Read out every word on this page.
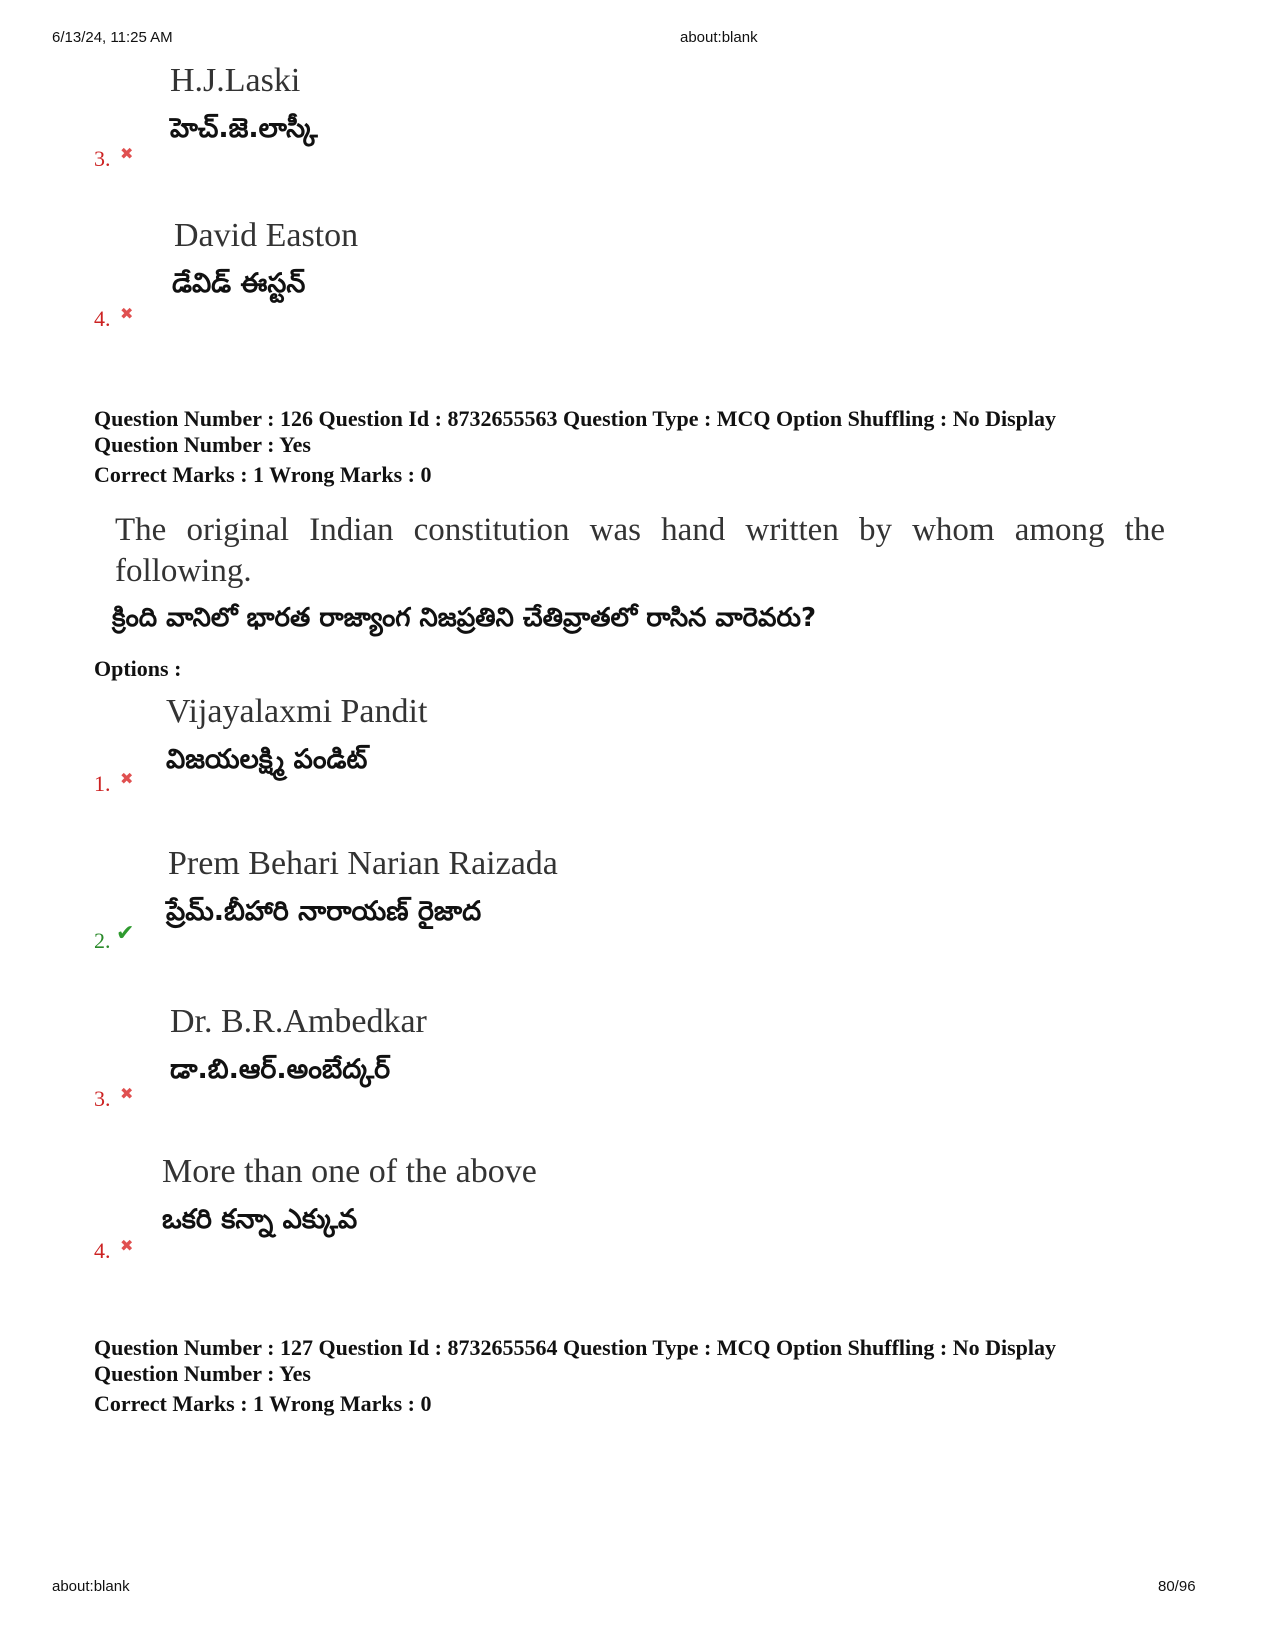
6/13/24, 11:25 AM	about:blank
H.J.Laski
హెచ్.జె.లాస్కీ
3. ✖
David Easton
డేవిడ్ ఈస్టన్
4. ✖
Question Number : 126 Question Id : 8732655563 Question Type : MCQ Option Shuffling : No Display
Question Number : Yes
Correct Marks : 1 Wrong Marks : 0
The original Indian constitution was hand written by whom among the following.
క్రింది వానిలో భారత రాజ్యాంగ నిజప్రతిని చేతివ్రాతలో రాసిన వారెవరు?
Options :
Vijayalaxmi Pandit
విజయలక్ష్మి పండిట్
1. ✖
Prem Behari Narian Raizada
ప్రేమ్.బీహారి నారాయణ్ రైజాద
2. ✔
Dr. B.R.Ambedkar
డా.బి.ఆర్.అంబేద్కర్
3. ✖
More than one of the above
ఒకరి కన్నా ఎక్కువ
4. ✖
Question Number : 127 Question Id : 8732655564 Question Type : MCQ Option Shuffling : No Display
Question Number : Yes
Correct Marks : 1 Wrong Marks : 0
about:blank	80/96
